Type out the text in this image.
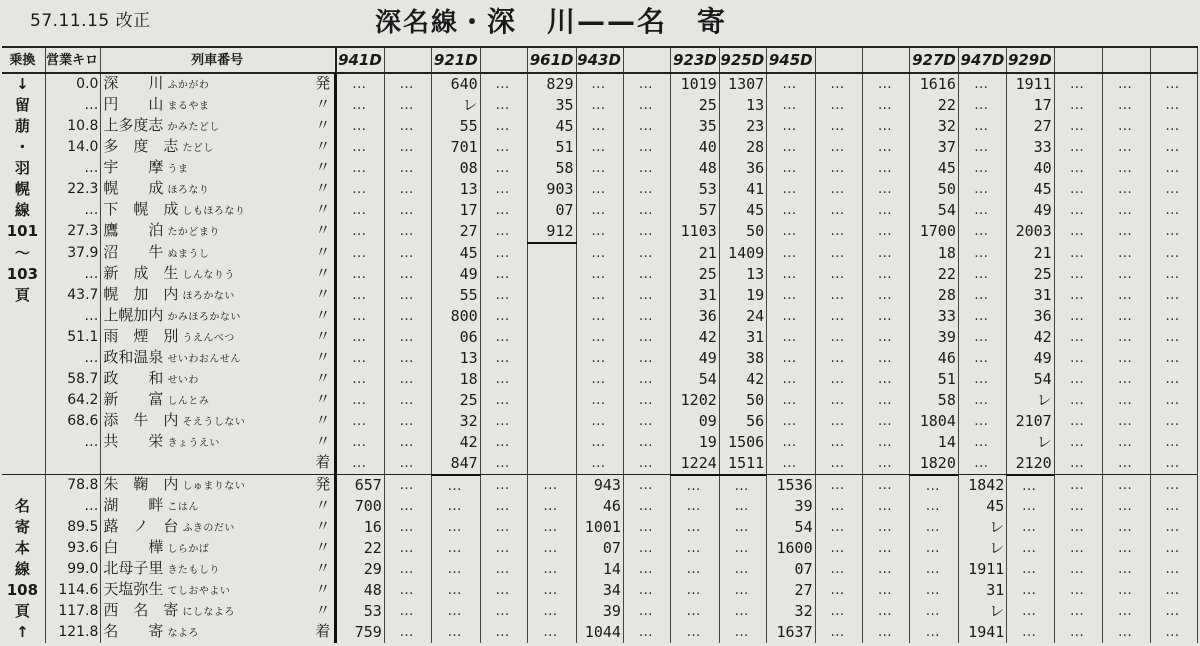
57.11.15 改正	深名線・深　川——名　寄
乗換	営業キロ	列車番号	941D		921D		961D	943D		923D	925D	945D			927D	947D	929D			
↓	0.0	深　　川 ふかがわ 発	…	…	640	…	829	…	…	1019	1307	…	…	…	1616	…	1911	…	…	…
留	…	円　　山 まるやま 〃	…	…	レ	…	35	…	…	25	13	…	…	…	22	…	17	…	…	…
萠	10.8	上多度志 かみたどし 〃	…	…	55	…	45	…	…	35	23	…	…	…	32	…	27	…	…	…
・	14.0	多　度　志 たどし 〃	…	…	701	…	51	…	…	40	28	…	…	…	37	…	33	…	…	…
羽	…	宇　　摩 うま 〃	…	…	08	…	58	…	…	48	36	…	…	…	45	…	40	…	…	…
幌	22.3	幌　　成 ほろなり 〃	…	…	13	…	903	…	…	53	41	…	…	…	50	…	45	…	…	…
線	…	下　幌　成 しもほろなり 〃	…	…	17	…	07	…	…	57	45	…	…	…	54	…	49	…	…	…
101	27.3	鷹　　泊 たかどまり 〃	…	…	27	…	912	…	…	1103	50	…	…	…	1700	…	2003	…	…	…
〜	37.9	沼　　牛 ぬまうし 〃	…	…	45	…		…	…	21	1409	…	…	…	18	…	21	…	…	…
103	…	新　成　生 しんなりう 〃	…	…	49	…		…	…	25	13	…	…	…	22	…	25	…	…	…
頁	43.7	幌　加　内 ほろかない 〃	…	…	55	…		…	…	31	19	…	…	…	28	…	31	…	…	…
	…	上幌加内 かみほろかない 〃	…	…	800	…		…	…	36	24	…	…	…	33	…	36	…	…	…
	51.1	雨　煙　別 うえんべつ 〃	…	…	06	…		…	…	42	31	…	…	…	39	…	42	…	…	…
	…	政和温泉 せいわおんせん 〃	…	…	13	…		…	…	49	38	…	…	…	46	…	49	…	…	…
	58.7	政　　和 せいわ 〃	…	…	18	…		…	…	54	42	…	…	…	51	…	54	…	…	…
	64.2	新　　富 しんとみ 〃	…	…	25	…		…	…	1202	50	…	…	…	58	…	レ	…	…	…
	68.6	添　牛　内 そえうしない 〃	…	…	32	…		…	…	09	56	…	…	…	1804	…	2107	…	…	…
	…	共　　栄 きょうえい 〃	…	…	42	…		…	…	19	1506	…	…	…	14	…	レ	…	…	…

		着	…	…	847	…		…	…	1224	1511	…	…	…	1820	…	2120	…	…	…
	78.8	朱　鞠　内 しゅまりない 発	657	…	…	…	…	943	…	…	…	1536	…	…	…	1842	…	…	…	…
名	…	湖　　畔 こはん 〃	700	…	…	…	…	46	…	…	…	39	…	…	…	45	…	…	…	…
寄	89.5	蕗　ノ　台 ふきのだい 〃	16	…	…	…	…	1001	…	…	…	54	…	…	…	レ	…	…	…	…
本	93.6	白　　樺 しらかば 〃	22	…	…	…	…	07	…	…	…	1600	…	…	…	レ	…	…	…	…
線	99.0	北母子里 きたもしり 〃	29	…	…	…	…	14	…	…	…	07	…	…	…	1911	…	…	…	…
108	114.6	天塩弥生 てしおやよい 〃	48	…	…	…	…	34	…	…	…	27	…	…	…	31	…	…	…	…
頁	117.8	西　名　寄 にしなよろ 〃	53	…	…	…	…	39	…	…	…	32	…	…	…	レ	…	…	…	…
↑	121.8	名　　寄 なよろ 着	759	…	…	…	…	1044	…	…	…	1637	…	…	…	1941	…	…	…	…
